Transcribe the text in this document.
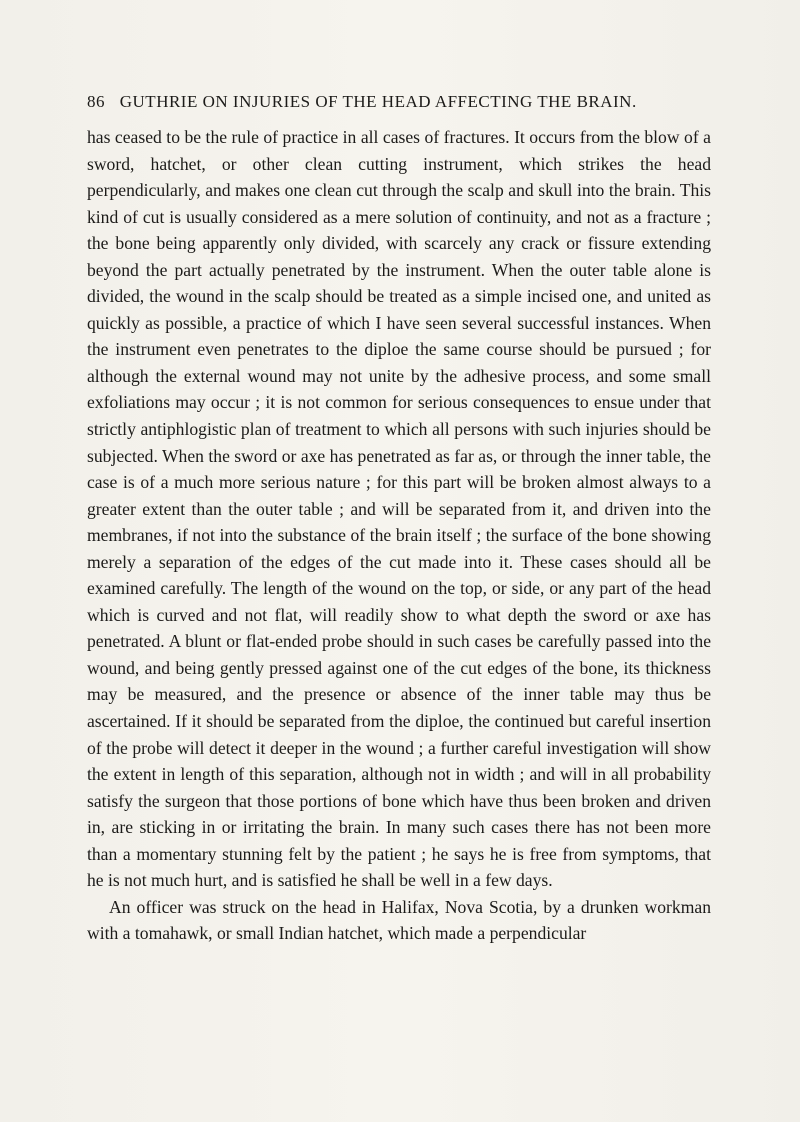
86 GUTHRIE ON INJURIES OF THE HEAD AFFECTING THE BRAIN.

has ceased to be the rule of practice in all cases of fractures. It occurs from the blow of a sword, hatchet, or other clean cutting instrument, which strikes the head perpendicularly, and makes one clean cut through the scalp and skull into the brain. This kind of cut is usually considered as a mere solution of continuity, and not as a fracture ; the bone being apparently only divided, with scarcely any crack or fissure extending beyond the part actually penetrated by the instrument. When the outer table alone is divided, the wound in the scalp should be treated as a simple incised one, and united as quickly as possible, a practice of which I have seen several successful instances. When the instrument even penetrates to the diploe the same course should be pursued ; for although the external wound may not unite by the adhesive process, and some small exfoliations may occur ; it is not common for serious consequences to ensue under that strictly antiphlogistic plan of treatment to which all persons with such injuries should be subjected. When the sword or axe has penetrated as far as, or through the inner table, the case is of a much more serious nature ; for this part will be broken almost always to a greater extent than the outer table ; and will be separated from it, and driven into the membranes, if not into the substance of the brain itself ; the surface of the bone showing merely a separation of the edges of the cut made into it. These cases should all be examined carefully. The length of the wound on the top, or side, or any part of the head which is curved and not flat, will readily show to what depth the sword or axe has penetrated. A blunt or flat-ended probe should in such cases be carefully passed into the wound, and being gently pressed against one of the cut edges of the bone, its thickness may be measured, and the presence or absence of the inner table may thus be ascertained. If it should be separated from the diploe, the continued but careful insertion of the probe will detect it deeper in the wound ; a further careful investigation will show the extent in length of this separation, although not in width ; and will in all probability satisfy the surgeon that those portions of bone which have thus been broken and driven in, are sticking in or irritating the brain. In many such cases there has not been more than a momentary stunning felt by the patient ; he says he is free from symptoms, that he is not much hurt, and is satisfied he shall be well in a few days.

An officer was struck on the head in Halifax, Nova Scotia, by a drunken workman with a tomahawk, or small Indian hatchet, which made a perpendicular
